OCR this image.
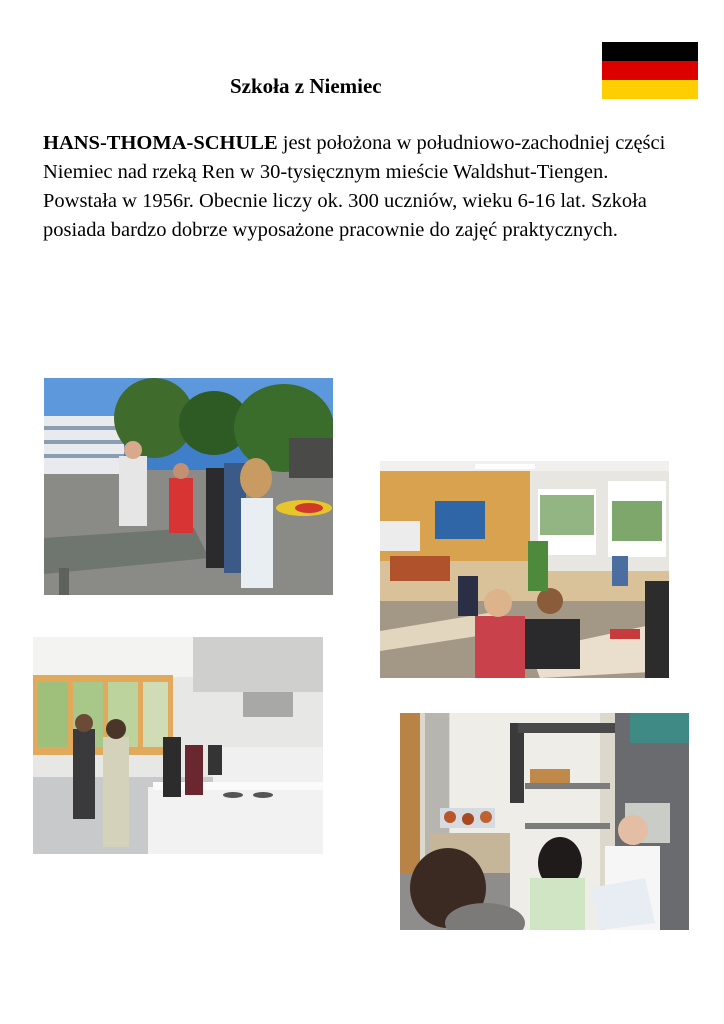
Szkoła z Niemiec

HANS-THOMA-SCHULE jest położona w południowo-zachodniej części Niemiec nad rzeką Ren w 30-tysięcznym mieście Waldshut-Tiengen. Powstała w 1956r. Obecnie liczy ok. 300 uczniów, wieku 6-16 lat. Szkoła posiada bardzo dobrze wyposażone pracownie do zajęć praktycznych.
